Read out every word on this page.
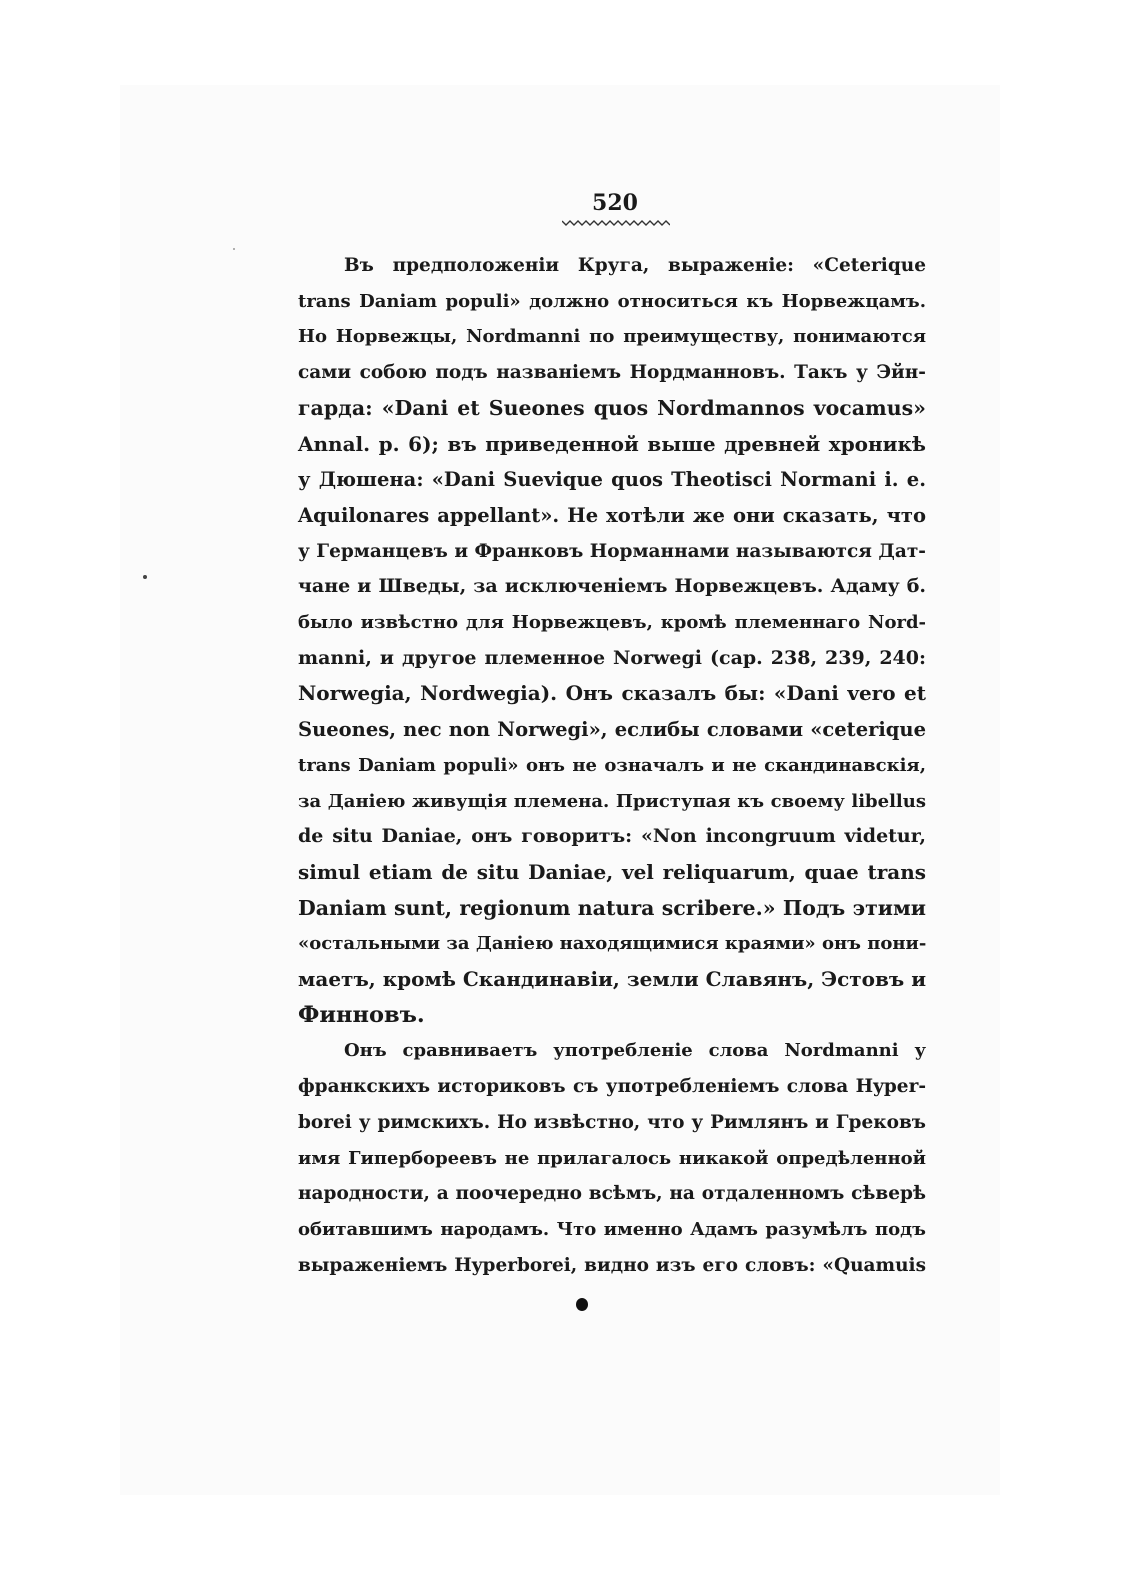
520
Въ предположеніи Круга, выраженіе: «Ceterique
trans Daniam populi» должно относиться къ Норвежцамъ.
Но Норвежцы, Nordmanni по преимуществу, понимаются
сами собою подъ названіемъ Нордманновъ. Такъ у Эйн-
гарда: «Dani et Sueones quos Nordmannos vocamus»
Annal. p. 6); въ приведенной выше древней хроникѣ
у Дюшена: «Dani Suevique quos Theotisci Normanі i. e.
Aquilonares appellant». Не хотѣли же они сказать, что
у Германцевъ и Франковъ Норманнами называются Дат-
чане и Шведы, за исключеніемъ Норвежцевъ. Адаму б.
было извѣстно для Норвежцевъ, кромѣ племеннаго Nord-
manni, и другое племенное Norwegi (cap. 238, 239, 240:
Norwegia, Nordwegia). Онъ сказалъ бы: «Dani vero et
Sueones, nec non Norwegi», еслибы словами «ceterique
trans Daniam populi» онъ не означалъ и не скандинавскія,
за Даніею живущія племена. Приступая къ своему libellus
de situ Daniae, онъ говоритъ: «Non incongruum videtur,
simul etiam de situ Daniae, vel reliquarum, quae trans
Daniam sunt, regionum natura scribere.» Подъ этими
«остальными за Даніею находящимися краями» онъ пони-
маетъ, кромѣ Скандинавіи, земли Славянъ, Эстовъ и
Финновъ.
Онъ сравниваетъ употребленіе слова Nordmanni у
франкскихъ историковъ съ употребленіемъ слова Hyper-
borei у римскихъ. Но извѣстно, что у Римлянъ и Грековъ
имя Гипербореевъ не прилагалось никакой опредѣленной
народности, а поочередно всѣмъ, на отдаленномъ сѣверѣ
обитавшимъ народамъ. Что именно Адамъ разумѣлъ подъ
выраженіемъ Hyperborei, видно изъ его словъ: «Quamuis
